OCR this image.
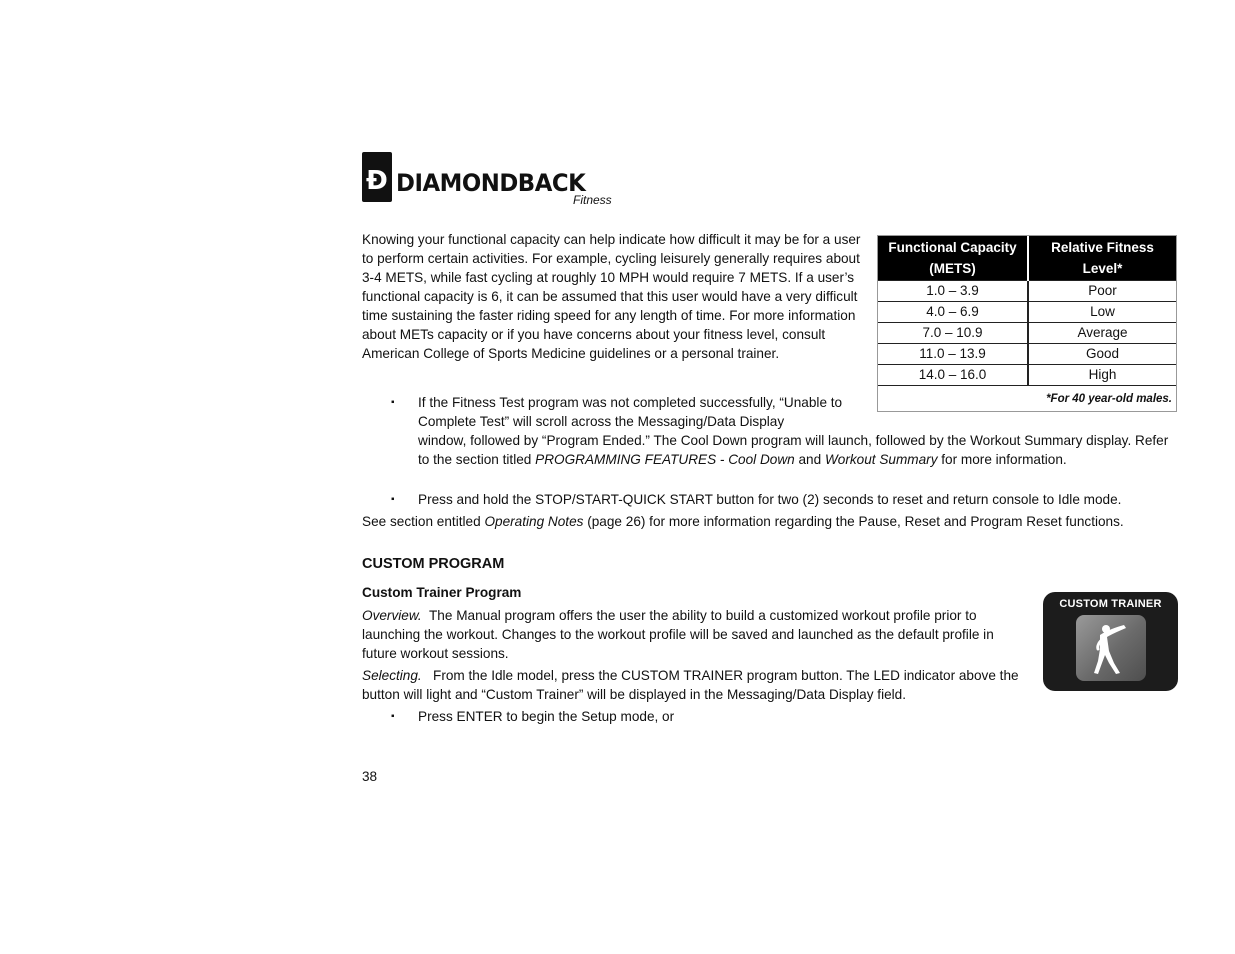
Ð DIAMONDBACK
Fitness

Knowing your functional capacity can help indicate how difficult it may be for a user to perform certain activities. For example, cycling leisurely generally requires about 3-4 METS, while fast cycling at roughly 10 MPH would require 7 METS. If a user’s functional capacity is 6, it can be assumed that this user would have a very difficult time sustaining the faster riding speed for any length of time. For more information about METs capacity or if you have concerns about your fitness level, consult American College of Sports Medicine guidelines or a personal trainer.

Functional Capacity (METS)	Relative Fitness Level*
1.0 – 3.9	Poor
4.0 – 6.9	Low
7.0 – 10.9	Average
11.0 – 13.9	Good
14.0 – 16.0	High
*For 40 year-old males.
▪ If the Fitness Test program was not completed successfully, “Unable to Complete Test” will scroll across the Messaging/Data Display

window, followed by “Program Ended.” The Cool Down program will launch, followed by the Workout Summary display. Refer to the section titled PROGRAMMING FEATURES - Cool Down and Workout Summary for more information.

▪ Press and hold the STOP/START-QUICK START button for two (2) seconds to reset and return console to Idle mode.

See section entitled Operating Notes (page 26) for more information regarding the Pause, Reset and Program Reset functions.

CUSTOM PROGRAM
Custom Trainer Program

Overview.  The Manual program offers the user the ability to build a customized workout profile prior to launching the workout. Changes to the workout profile will be saved and launched as the default profile in future workout sessions.

Selecting.   From the Idle model, press the CUSTOM TRAINER program button. The LED indicator above the button will light and “Custom Trainer” will be displayed in the Messaging/Data Display field.

▪ Press ENTER to begin the Setup mode, or

38
CUSTOM TRAINER
